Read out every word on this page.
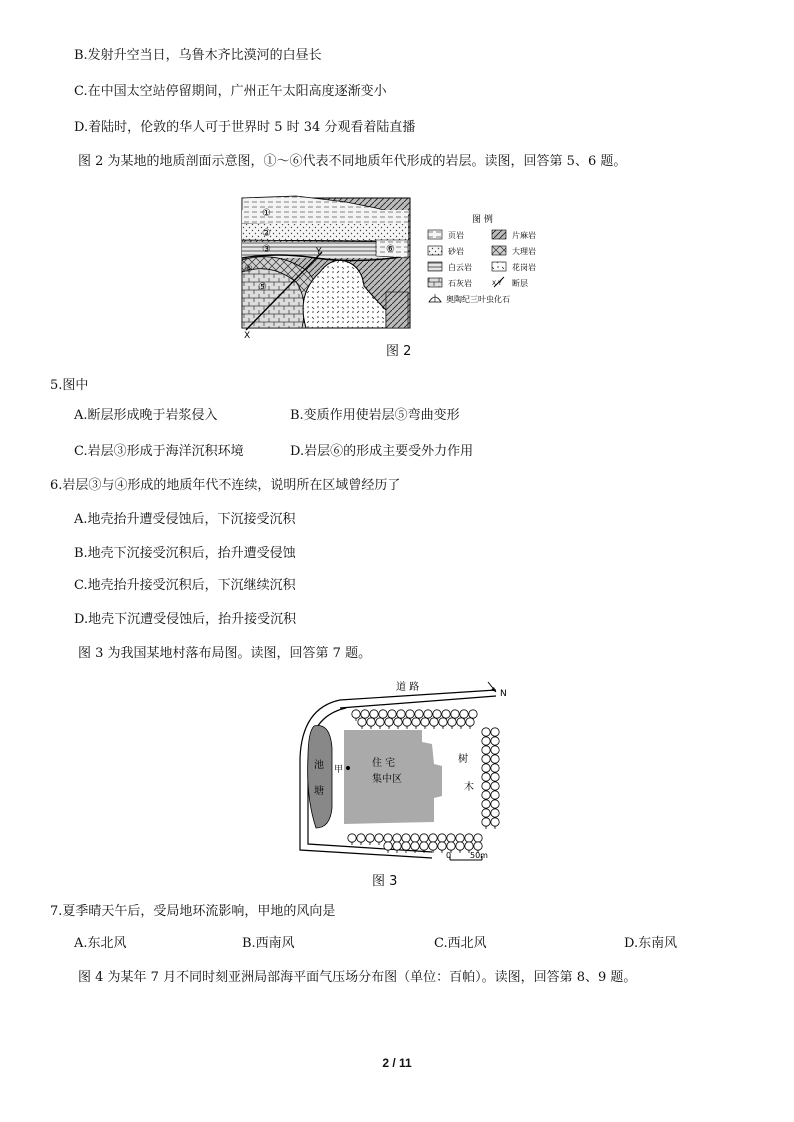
B.发射升空当日，乌鲁木齐比漠河的白昼长
C.在中国太空站停留期间，广州正午太阳高度逐渐变小
D.着陆时，伦敦的华人可于世界时 5 时 34 分观看着陆直播
图 2 为某地的地质剖面示意图，①～⑥代表不同地质年代形成的岩层。读图，回答第 5、6 题。
①
②
③
④
⑤
⑥
X
Y
图 例
页岩	片麻岩
砂岩	大理岩
白云岩	花岗岩
石灰岩	X Y 断层
奥陶纪三叶虫化石
图 2
5.图中
A.断层形成晚于岩浆侵入	B.变质作用使岩层⑤弯曲变形
C.岩层③形成于海洋沉积环境	D.岩层⑥的形成主要受外力作用
6.岩层③与④形成的地质年代不连续，说明所在区域曾经历了
A.地壳抬升遭受侵蚀后，下沉接受沉积
B.地壳下沉接受沉积后，抬升遭受侵蚀
C.地壳抬升接受沉积后，下沉继续沉积
D.地壳下沉遭受侵蚀后，抬升接受沉积
图 3 为我国某地村落布局图。读图，回答第 7 题。
道 路
N
池
塘
甲
住 宅
集中区
树
木
0 50m
图 3
7.夏季晴天午后，受局地环流影响，甲地的风向是
A.东北风	B.西南风	C.西北风	D.东南风
图 4 为某年 7 月不同时刻亚洲局部海平面气压场分布图（单位：百帕）。读图，回答第 8、9 题。
2 / 11
